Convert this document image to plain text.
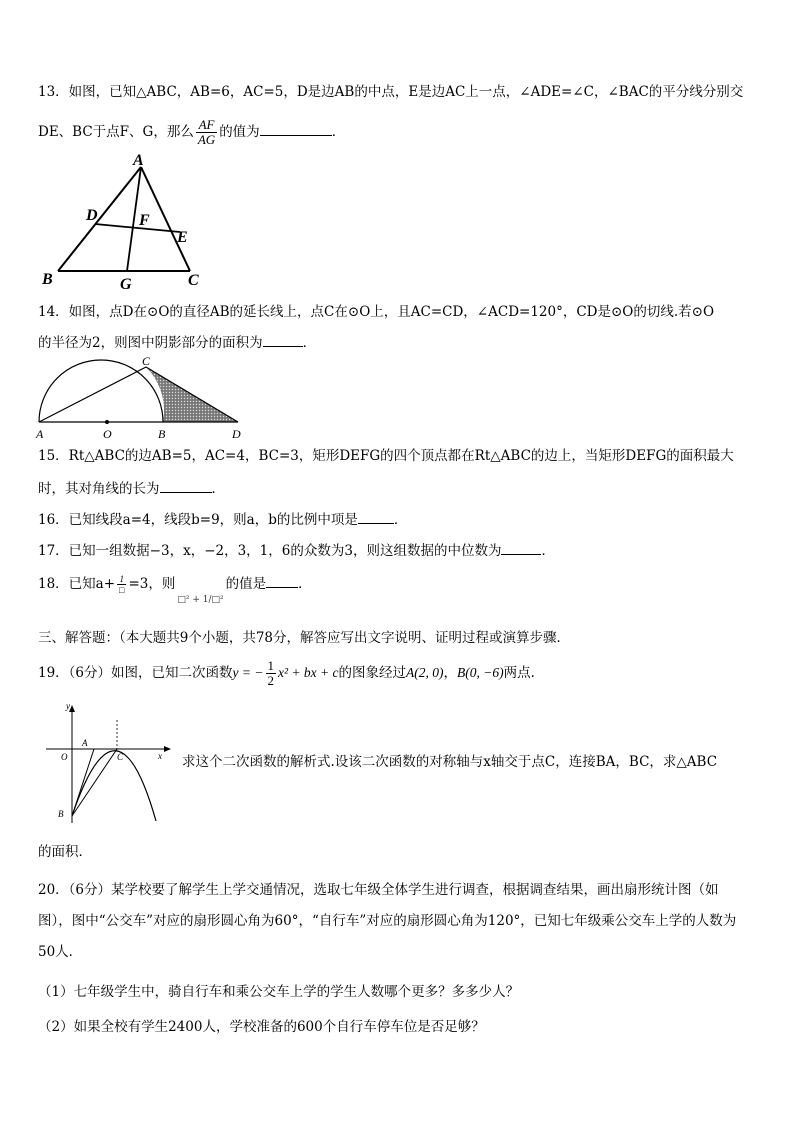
13．如图，已知△ABC，AB=6，AC=5，D是边AB的中点，E是边AC上一点，∠ADE=∠C，∠BAC的平分线分别交
DE、BC于点F、G，那么 $\frac{AF}{AG}$ 的值为	．
A
D	F
E
B	G	C
14．如图，点D在⊙O的直径AB的延长线上，点C在⊙O上，且AC=CD，∠ACD=120°，CD是⊙O的切线.若⊙O
的半径为2，则图中阴影部分的面积为	．
C
A	O	B	D
15．Rt△ABC的边AB=5，AC=4，BC=3，矩形DEFG的四个顶点都在Rt△ABC的边上，当矩形DEFG的面积最大
时，其对角线的长为	．
16．已知线段a=4，线段b=9，则a，b的比例中项是	．
17．已知一组数据−3，x，−2，3，1，6的众数为3，则这组数据的中位数为	．
18．已知$a+ \frac{1}{□} =3$，则□² + 1/□²的值是 ．
三、解答题：（本大题共9个小题，共78分，解答应写出文字说明、证明过程或演算步骤．
19．（6分）如图，已知二次函数y = − $\frac{1}{2} x^2$ + bx + c的图象经过A(2, 0)，B(0, −6)两点．
y
x
O
A
C
B
求这个二次函数的解析式.设该二次函数的对称轴与x轴交于点C，连接BA，BC，求△ABC
的面积．
20．（6分）某学校要了解学生上学交通情况，选取七年级全体学生进行调查，根据调查结果，画出扇形统计图（如
图），图中“公交车”对应的扇形圆心角为60°，“自行车”对应的扇形圆心角为120°，已知七年级乘公交车上学的人数为
50人．
（1）七年级学生中，骑自行车和乘公交车上学的学生人数哪个更多？多多少人？
（2）如果全校有学生2400人，学校准备的600个自行车停车位是否足够？
